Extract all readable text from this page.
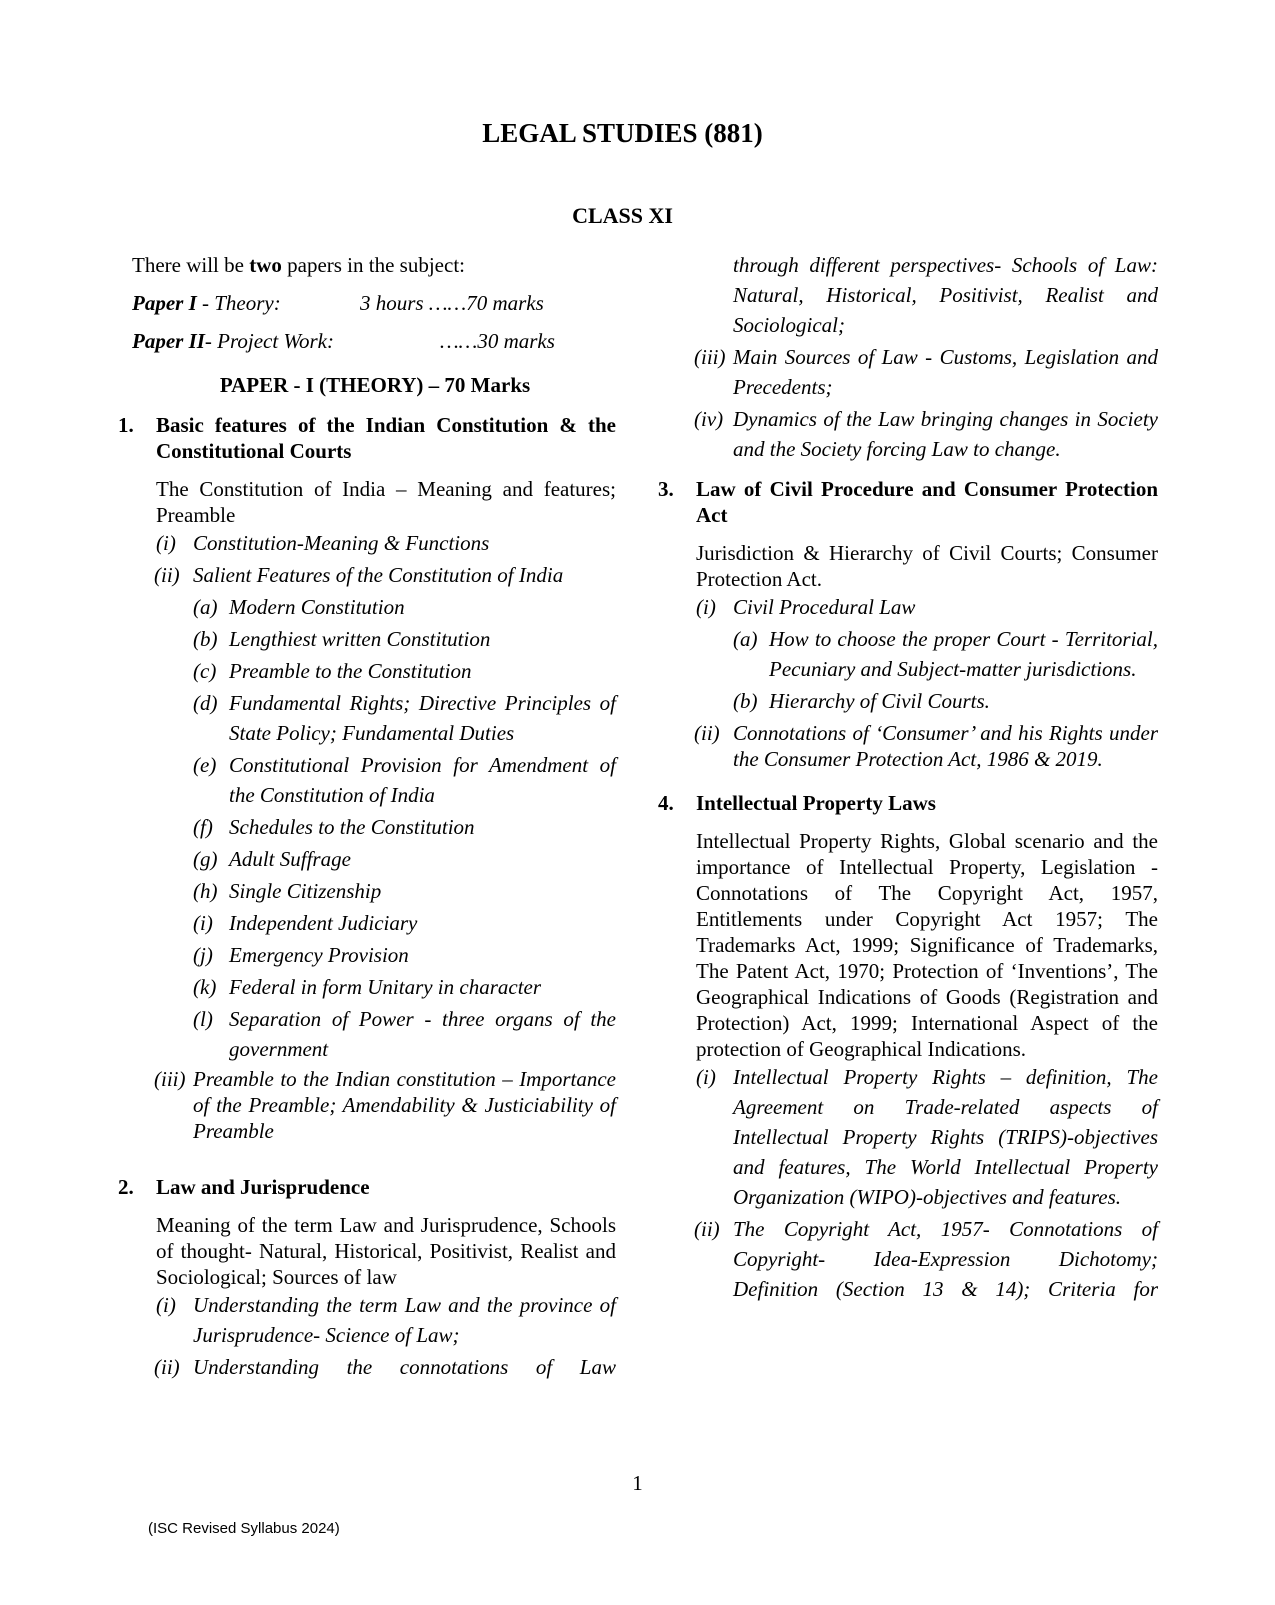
LEGAL STUDIES (881)
CLASS XI

There will be two papers in the subject:

Paper I - Theory:	3 hours ……70 marks

Paper II- Project Work:	……30 marks

PAPER - I (THEORY) – 70 Marks

1. Basic features of the Indian Constitution & the Constitutional Courts

The Constitution of India – Meaning and features; Preamble

(i) Constitution-Meaning & Functions
(ii) Salient Features of the Constitution of India
(a) Modern Constitution
(b) Lengthiest written Constitution
(c) Preamble to the Constitution
(d) Fundamental Rights; Directive Principles of State Policy; Fundamental Duties
(e) Constitutional Provision for Amendment of the Constitution of India
(f) Schedules to the Constitution
(g) Adult Suffrage
(h) Single Citizenship
(i) Independent Judiciary
(j) Emergency Provision
(k) Federal in form Unitary in character
(l) Separation of Power - three organs of the government
(iii) Preamble to the Indian constitution – Importance of the Preamble; Amendability & Justiciability of Preamble
2. Law and Jurisprudence

Meaning of the term Law and Jurisprudence, Schools of thought- Natural, Historical, Positivist, Realist and Sociological; Sources of law

(i) Understanding the term Law and the province of Jurisprudence- Science of Law;
(ii) Understanding the connotations of Law
through different perspectives- Schools of Law: Natural, Historical, Positivist, Realist and Sociological;
(iii) Main Sources of Law - Customs, Legislation and Precedents;
(iv) Dynamics of the Law bringing changes in Society and the Society forcing Law to change.
3. Law of Civil Procedure and Consumer Protection Act

Jurisdiction & Hierarchy of Civil Courts; Consumer Protection Act.

(i) Civil Procedural Law
(a) How to choose the proper Court - Territorial, Pecuniary and Subject-matter jurisdictions.
(b) Hierarchy of Civil Courts.
(ii) Connotations of ‘Consumer’ and his Rights under the Consumer Protection Act, 1986 & 2019.
4. Intellectual Property Laws

Intellectual Property Rights, Global scenario and the importance of Intellectual Property, Legislation - Connotations of The Copyright Act, 1957, Entitlements under Copyright Act 1957; The Trademarks Act, 1999; Significance of Trademarks, The Patent Act, 1970; Protection of ‘Inventions’, The Geographical Indications of Goods (Registration and Protection) Act, 1999; International Aspect of the protection of Geographical Indications.

(i) Intellectual Property Rights – definition, The Agreement on Trade-related aspects of Intellectual Property Rights (TRIPS)-objectives and features, The World Intellectual Property Organization (WIPO)-objectives and features.
(ii) The Copyright Act, 1957- Connotations of Copyright- Idea-Expression Dichotomy; Definition (Section 13 & 14); Criteria for
1
(ISC Revised Syllabus 2024)
